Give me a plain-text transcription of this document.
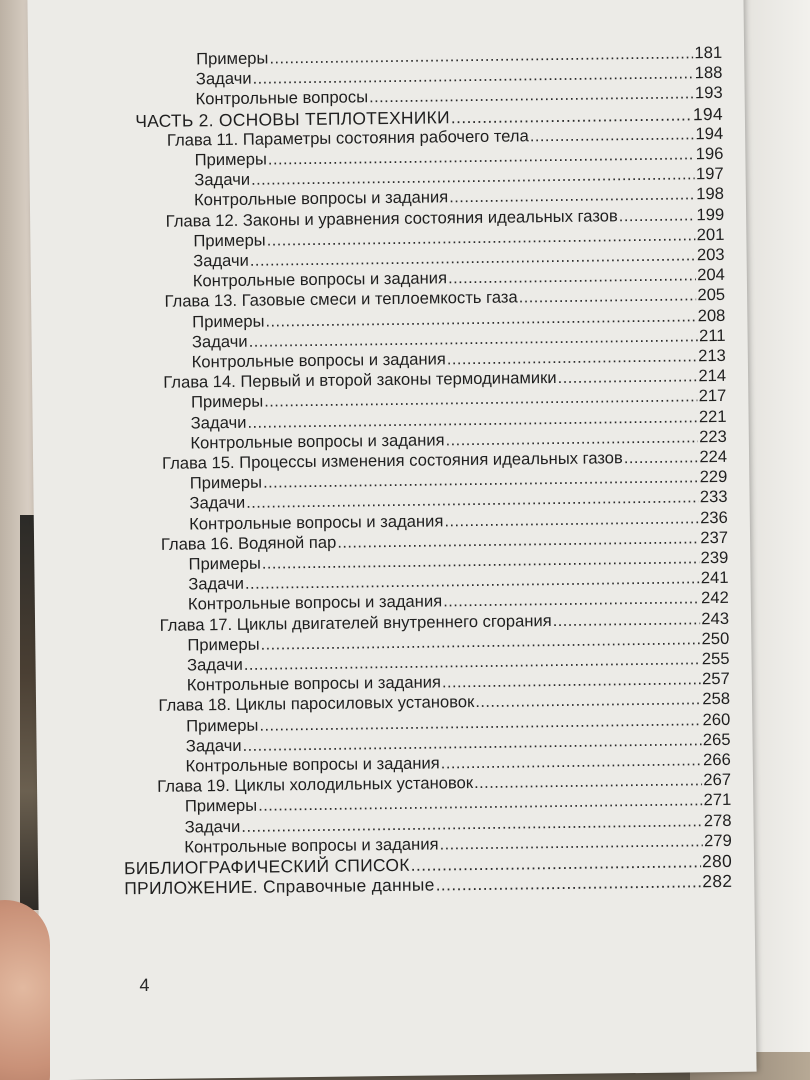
Примеры .....	181
Задачи .....	188
Контрольные вопросы .....	193
ЧАСТЬ 2. ОСНОВЫ ТЕПЛОТЕХНИКИ .....	194
Глава 11. Параметры состояния рабочего тела .....	194
Примеры .....	196
Задачи .....	197
Контрольные вопросы и задания .....	198
Глава 12. Законы и уравнения состояния идеальных газов .....	199
Примеры .....	201
Задачи .....	203
Контрольные вопросы и задания .....	204
Глава 13. Газовые смеси и теплоемкость газа .....	205
Примеры .....	208
Задачи .....	211
Контрольные вопросы и задания .....	213
Глава 14. Первый и второй законы термодинамики .....	214
Примеры .....	217
Задачи .....	221
Контрольные вопросы и задания .....	223
Глава 15. Процессы изменения состояния идеальных газов .....	224
Примеры .....	229
Задачи .....	233
Контрольные вопросы и задания .....	236
Глава 16. Водяной пар .....	237
Примеры .....	239
Задачи .....	241
Контрольные вопросы и задания .....	242
Глава 17. Циклы двигателей внутреннего сгорания .....	243
Примеры .....	250
Задачи .....	255
Контрольные вопросы и задания .....	257
Глава 18. Циклы паросиловых установок .....	258
Примеры .....	260
Задачи .....	265
Контрольные вопросы и задания .....	266
Глава 19. Циклы холодильных установок .....	267
Примеры .....	271
Задачи .....	278
Контрольные вопросы и задания .....	279
БИБЛИОГРАФИЧЕСКИЙ СПИСОК .....	280
ПРИЛОЖЕНИЕ. Справочные данные .....	282
4
